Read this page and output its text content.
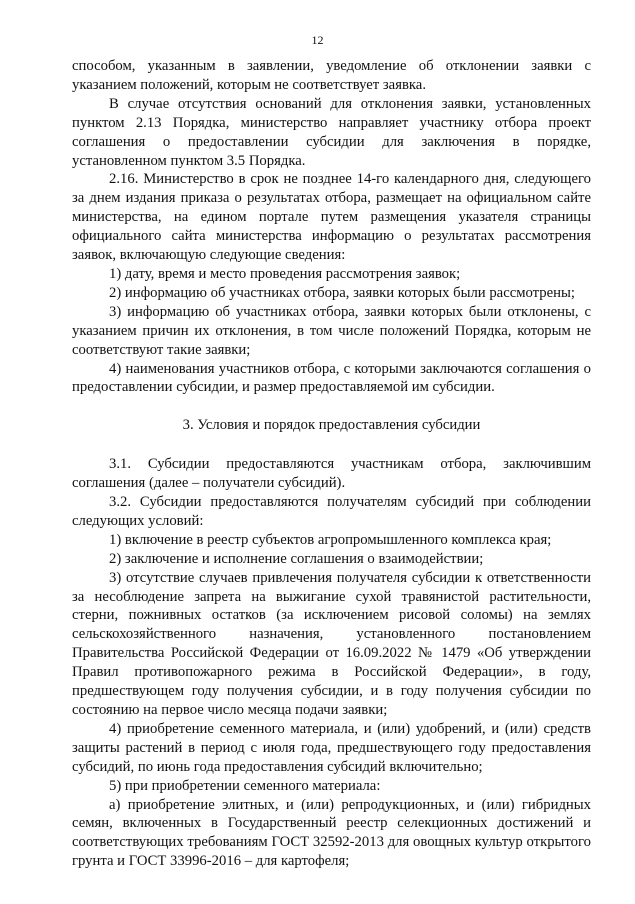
12

способом, указанным в заявлении, уведомление об отклонении заявки с указанием положений, которым не соответствует заявка.

В случае отсутствия оснований для отклонения заявки, установленных пунктом 2.13 Порядка, министерство направляет участнику отбора проект соглашения о предоставлении субсидии для заключения в порядке, установленном пунктом 3.5 Порядка.

2.16. Министерство в срок не позднее 14-го календарного дня, следующего за днем издания приказа о результатах отбора, размещает на официальном сайте министерства, на едином портале путем размещения указателя страницы официального сайта министерства информацию о результатах рассмотрения заявок, включающую следующие сведения:

1) дату, время и место проведения рассмотрения заявок;

2) информацию об участниках отбора, заявки которых были рассмотрены;

3) информацию об участниках отбора, заявки которых были отклонены, с указанием причин их отклонения, в том числе положений Порядка, которым не соответствуют такие заявки;

4) наименования участников отбора, с которыми заключаются соглашения о предоставлении субсидии, и размер предоставляемой им субсидии.

3. Условия и порядок предоставления субсидии

3.1. Субсидии предоставляются участникам отбора, заключившим соглашения (далее – получатели субсидий).

3.2. Субсидии предоставляются получателям субсидий при соблюдении следующих условий:

1) включение в реестр субъектов агропромышленного комплекса края;

2) заключение и исполнение соглашения о взаимодействии;

3) отсутствие случаев привлечения получателя субсидии к ответственности за несоблюдение запрета на выжигание сухой травянистой растительности, стерни, пожнивных остатков (за исключением рисовой соломы) на землях сельскохозяйственного назначения, установленного постановлением Правительства Российской Федерации от 16.09.2022 № 1479 «Об утверждении Правил противопожарного режима в Российской Федерации», в году, предшествующем году получения субсидии, и в году получения субсидии по состоянию на первое число месяца подачи заявки;

4) приобретение семенного материала, и (или) удобрений, и (или) средств защиты растений в период с июля года, предшествующего году предоставления субсидий, по июнь года предоставления субсидий включительно;

5) при приобретении семенного материала:

а) приобретение элитных, и (или) репродукционных, и (или) гибридных семян, включенных в Государственный реестр селекционных достижений и соответствующих требованиям ГОСТ 32592-2013 для овощных культур открытого грунта и ГОСТ 33996-2016 – для картофеля;
